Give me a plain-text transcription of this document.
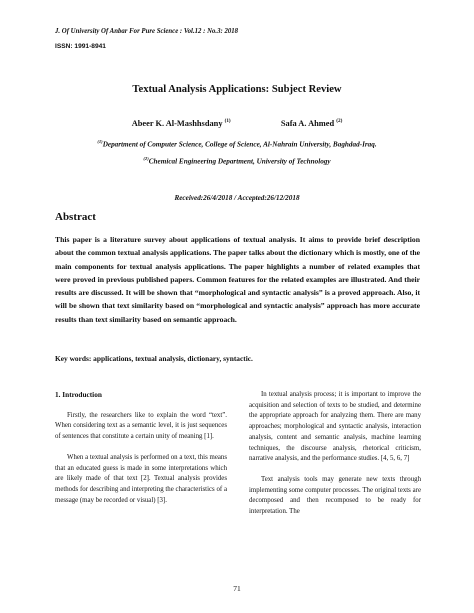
J. Of University Of Anbar For Pure Science : Vol.12 : No.3: 2018
ISSN: 1991-8941
Textual Analysis Applications: Subject Review
Abeer K. Al-Mashhsdany $^{(1)}$	Safa A. Ahmed $^{(2)}$
$^{(1)}$Department of Computer Science, College of Science, Al-Nahrain University, Baghdad-Iraq.
$^{(2)}$Chemical Engineering Department, University of Technology
Received:26/4/2018 / Accepted:26/12/2018
Abstract
This paper is a literature survey about applications of textual analysis. It aims to provide brief description about the common textual analysis applications. The paper talks about the dictionary which is mostly, one of the main components for textual analysis applications. The paper highlights a number of related examples that were proved in previous published papers. Common features for the related examples are illustrated. And their results are discussed. It will be shown that “morphological and syntactic analysis” is a proved approach. Also, it will be shown that text similarity based on “morphological and syntactic analysis” approach has more accurate results than text similarity based on semantic approach.
Key words: applications, textual analysis, dictionary, syntactic.
1. Introduction

Firstly, the researchers like to explain the word “text”. When considering text as a semantic level, it is just sequences of sentences that constitute a certain unity of meaning [1].

When a textual analysis is performed on a text, this means that an educated guess is made in some interpretations which are likely made of that text [2]. Textual analysis provides methods for describing and interpreting the characteristics of a message (may be recorded or visual) [3].

In textual analysis process; it is important to improve the acquisition and selection of texts to be studied, and determine the appropriate approach for analyzing them. There are many approaches; morphological and syntactic analysis, interaction analysis, content and semantic analysis, machine learning techniques, the discourse analysis, rhetorical criticism, narrative analysis, and the performance studies. [4, 5, 6, 7]

Text analysis tools may generate new texts through implementing some computer processes. The original texts are decomposed and then recomposed to be ready for interpretation. The

71
